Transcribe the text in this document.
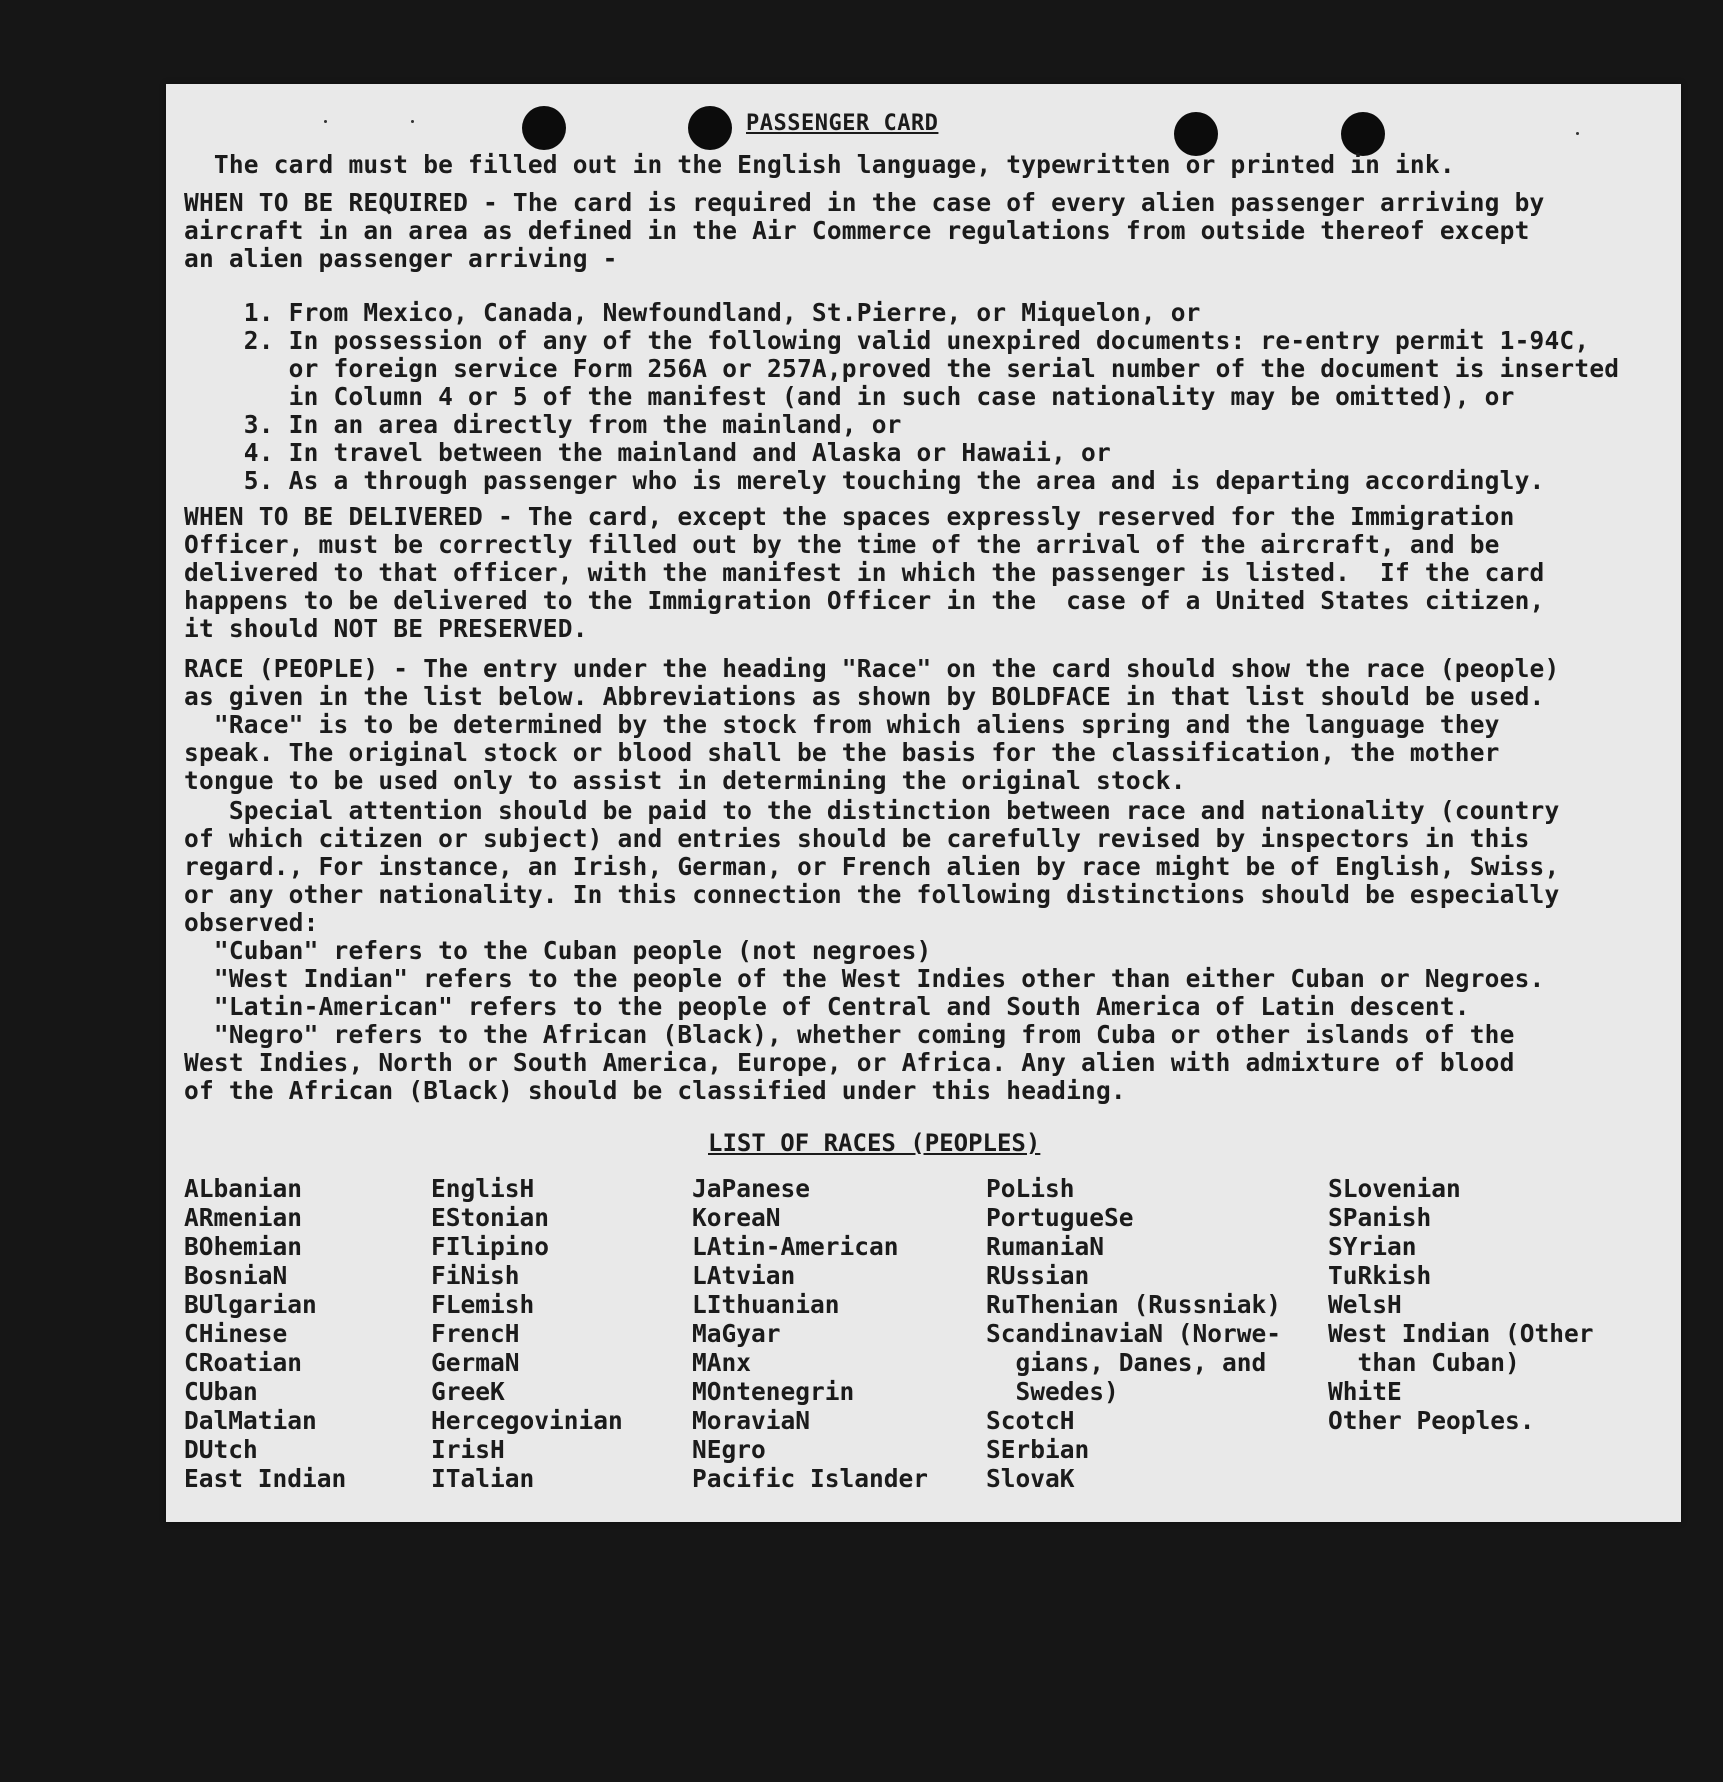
PASSENGER CARD
The card must be filled out in the English language, typewritten or printed in ink.
WHEN TO BE REQUIRED - The card is required in the case of every alien passenger arriving by
aircraft in an area as defined in the Air Commerce regulations from outside thereof except
an alien passenger arriving -
1. From Mexico, Canada, Newfoundland, St.Pierre, or Miquelon, or
2. In possession of any of the following valid unexpired documents: re-entry permit 1-94C,
or foreign service Form 256A or 257A,proved the serial number of the document is inserted
in Column 4 or 5 of the manifest (and in such case nationality may be omitted), or
3. In an area directly from the mainland, or
4. In travel between the mainland and Alaska or Hawaii, or
5. As a through passenger who is merely touching the area and is departing accordingly.
WHEN TO BE DELIVERED - The card, except the spaces expressly reserved for the Immigration
Officer, must be correctly filled out by the time of the arrival of the aircraft, and be
delivered to that officer, with the manifest in which the passenger is listed.  If the card
happens to be delivered to the Immigration Officer in the  case of a United States citizen,
it should NOT BE PRESERVED.
RACE (PEOPLE) - The entry under the heading "Race" on the card should show the race (people)
as given in the list below. Abbreviations as shown by BOLDFACE in that list should be used.
"Race" is to be determined by the stock from which aliens spring and the language they
speak. The original stock or blood shall be the basis for the classification, the mother
tongue to be used only to assist in determining the original stock.
Special attention should be paid to the distinction between race and nationality (country
of which citizen or subject) and entries should be carefully revised by inspectors in this
regard., For instance, an Irish, German, or French alien by race might be of English, Swiss,
or any other nationality. In this connection the following distinctions should be especially
observed:
"Cuban" refers to the Cuban people (not negroes)
"West Indian" refers to the people of the West Indies other than either Cuban or Negroes.
"Latin-American" refers to the people of Central and South America of Latin descent.
"Negro" refers to the African (Black), whether coming from Cuba or other islands of the
West Indies, North or South America, Europe, or Africa. Any alien with admixture of blood
of the African (Black) should be classified under this heading.
LIST OF RACES (PEOPLES)
ALbanian
ARmenian
BOhemian
BosniaN
BUlgarian
CHinese
CRoatian
CUban
DalMatian
DUtch
East Indian
EnglisH
EStonian
FIlipino
FiNish
FLemish
FrencH
GermaN
GreeK
Hercegovinian
IrisH
ITalian
JaPanese
KoreaN
LAtin-American
LAtvian
LIthuanian
MaGyar
MAnx
MOntenegrin
MoraviaN
NEgro
Pacific Islander
PoLish
PortugueSe
RumaniaN
RUssian
RuThenian (Russniak)
ScandinaviaN (Norwe-
gians, Danes, and
Swedes)
ScotcH
SErbian
SlovaK
SLovenian
SPanish
SYrian
TuRkish
WelsH
West Indian (Other
than Cuban)
WhitE
Other Peoples.
